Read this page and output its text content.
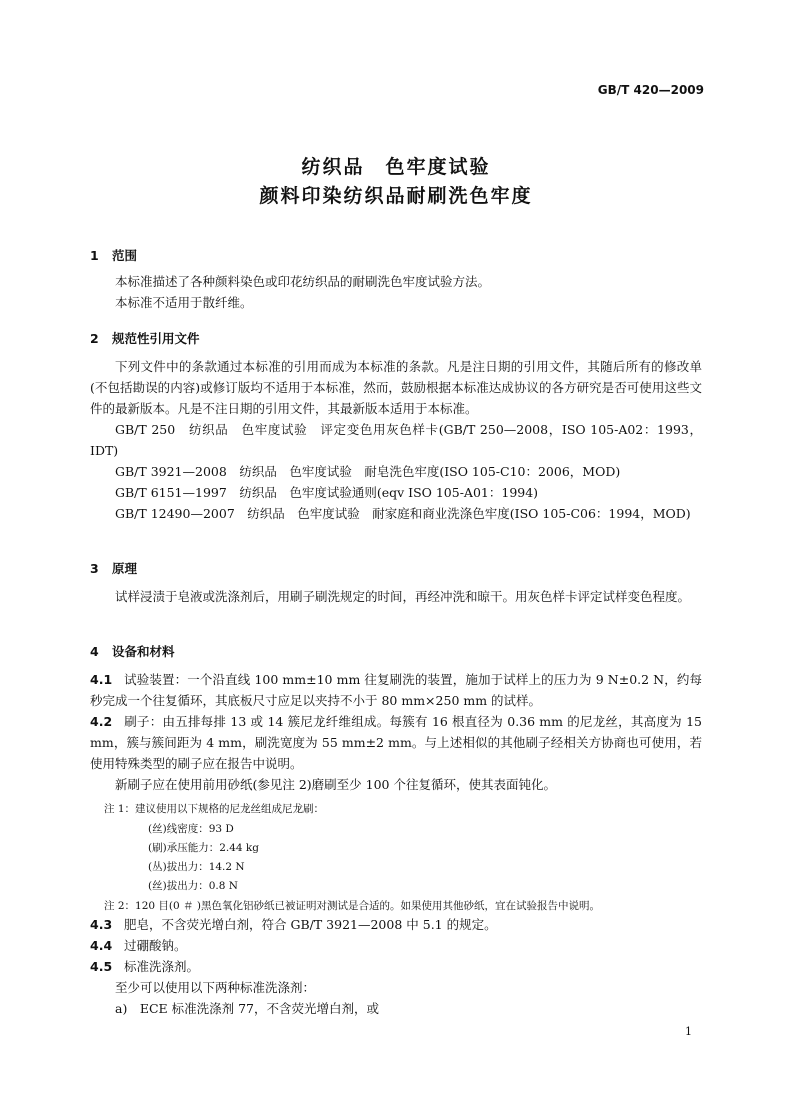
GB/T 420—2009
纺织品　色牢度试验
颜料印染纺织品耐刷洗色牢度
1 范围
本标准描述了各种颜料染色或印花纺织品的耐刷洗色牢度试验方法。
本标准不适用于散纤维。
2 规范性引用文件
下列文件中的条款通过本标准的引用而成为本标准的条款。凡是注日期的引用文件，其随后所有的修改单(不包括勘误的内容)或修订版均不适用于本标准，然而，鼓励根据本标准达成协议的各方研究是否可使用这些文件的最新版本。凡是不注日期的引用文件，其最新版本适用于本标准。
GB/T 250　纺织品　色牢度试验　评定变色用灰色样卡(GB/T 250—2008，ISO 105-A02：1993，IDT)
GB/T 3921—2008　纺织品　色牢度试验　耐皂洗色牢度(ISO 105-C10：2006，MOD)
GB/T 6151—1997　纺织品　色牢度试验通则(eqv ISO 105-A01：1994)
GB/T 12490—2007　纺织品　色牢度试验　耐家庭和商业洗涤色牢度(ISO 105-C06：1994，MOD)
3 原理
试样浸渍于皂液或洗涤剂后，用刷子刷洗规定的时间，再经冲洗和晾干。用灰色样卡评定试样变色程度。
4 设备和材料
4.1 试验装置：一个沿直线 100 mm±10 mm 往复刷洗的装置，施加于试样上的压力为 9 N±0.2 N，约每秒完成一个往复循环，其底板尺寸应足以夹持不小于 80 mm×250 mm 的试样。
4.2 刷子：由五排每排 13 或 14 簇尼龙纤维组成。每簇有 16 根直径为 0.36 mm 的尼龙丝，其高度为 15 mm，簇与簇间距为 4 mm，刷洗宽度为 55 mm±2 mm。与上述相似的其他刷子经相关方协商也可使用，若使用特殊类型的刷子应在报告中说明。
新刷子应在使用前用砂纸(参见注 2)磨刷至少 100 个往复循环，使其表面钝化。
注 1：建议使用以下规格的尼龙丝组成尼龙刷：
(丝)线密度：93 D
(刷)承压能力：2.44 kg
(丛)拔出力：14.2 N
(丝)拔出力：0.8 N
注 2：120 目(0 ＃ )黑色氧化铝砂纸已被证明对测试是合适的。如果使用其他砂纸，宜在试验报告中说明。
4.3 肥皂，不含荧光增白剂，符合 GB/T 3921—2008 中 5.1 的规定。
4.4 过硼酸钠。
4.5 标准洗涤剂。
至少可以使用以下两种标准洗涤剂：
a)　ECE 标准洗涤剂 77，不含荧光增白剂，或
1
